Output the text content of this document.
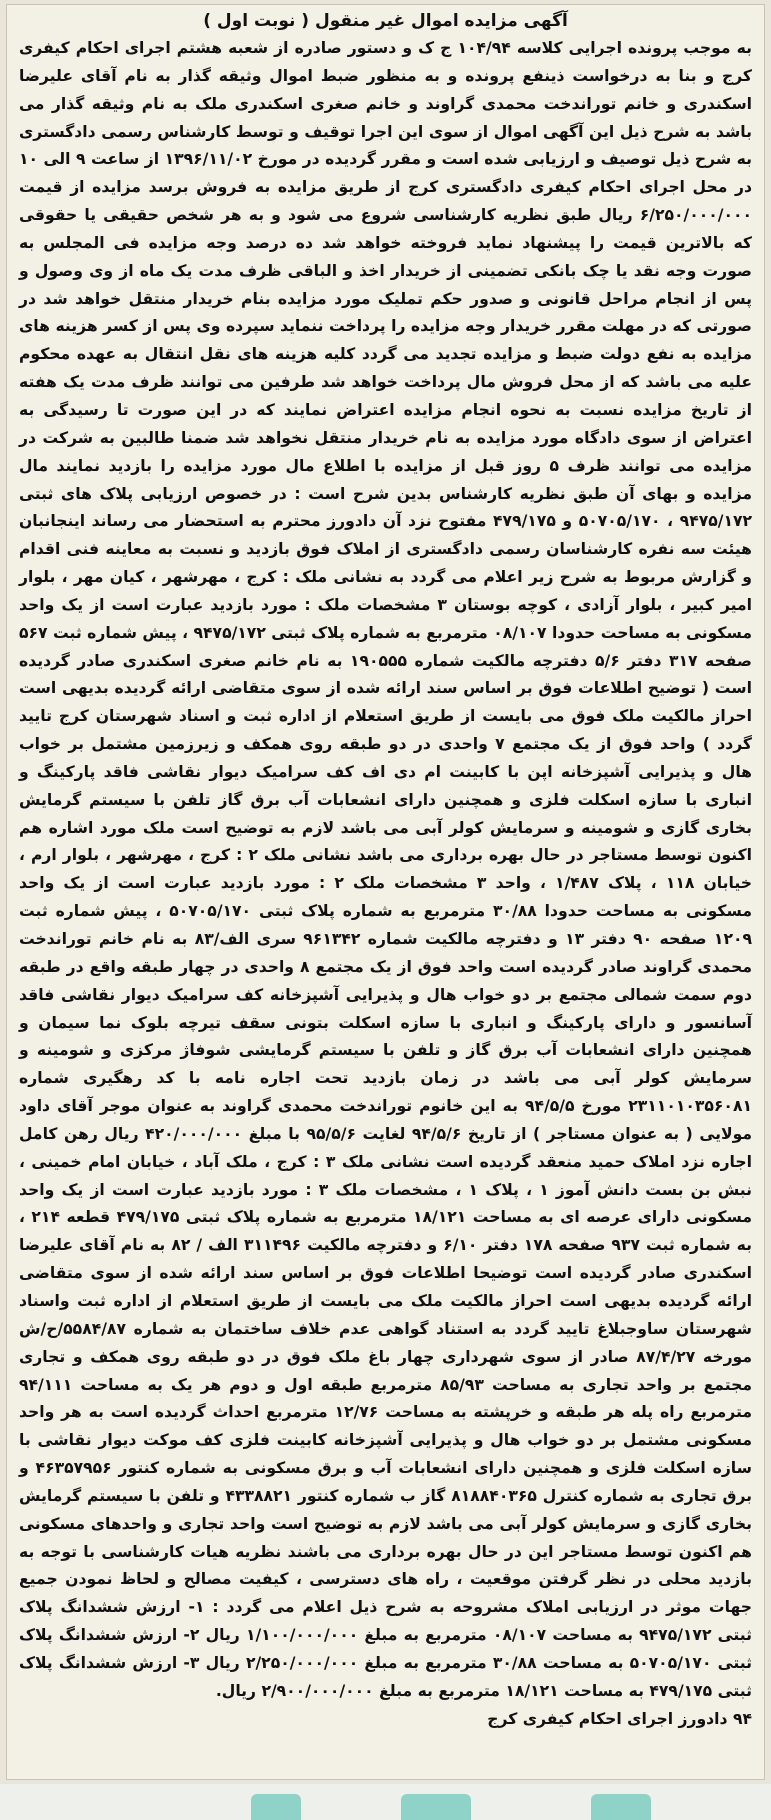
آگهی مزایده اموال غیر منقول ( نوبت اول )

به موجب پرونده اجرایی کلاسه ۱۰۴/۹۴ ج ک و دستور صادره از شعبه هشتم اجرای احکام کیفری کرج و بنا به درخواست ذینفع پرونده و به منظور ضبط اموال وثیقه گذار به نام آقای علیرضا اسکندری و خانم توراندخت محمدی گراوند و خانم صغری اسکندری ملک به نام وثیقه گذار می باشد به شرح ذیل این آگهی اموال از سوی این اجرا توقیف و توسط کارشناس رسمی دادگستری به شرح ذیل توصیف و ارزیابی شده است و مقرر گردیده در مورخ ۱۳۹۶/۱۱/۰۲ از ساعت ۹ الی ۱۰ در محل اجرای احکام کیفری دادگستری کرج از طریق مزایده به فروش برسد مزایده از قیمت ۶/۲۵۰/۰۰۰/۰۰۰ ریال طبق نظریه کارشناسی شروع می شود و به هر شخص حقیقی یا حقوقی که بالاترین قیمت را پیشنهاد نماید فروخته خواهد شد ده درصد وجه مزایده فی المجلس به صورت وجه نقد یا چک بانکی تضمینی از خریدار اخذ و الباقی ظرف مدت یک ماه از وی وصول و پس از انجام مراحل قانونی و صدور حکم تملیک مورد مزایده بنام خریدار منتقل خواهد شد در صورتی که در مهلت مقرر خریدار وجه مزایده را پرداخت ننماید سپرده وی پس از کسر هزینه های مزایده به نفع دولت ضبط و مزایده تجدید می گردد کلیه هزینه های نقل انتقال به عهده محکوم علیه می باشد که از محل فروش مال پرداخت خواهد شد طرفین می توانند ظرف مدت یک هفته از تاریخ مزایده نسبت به نحوه انجام مزایده اعتراض نمایند که در این صورت تا رسیدگی به اعتراض از سوی دادگاه مورد مزایده به نام خریدار منتقل نخواهد شد ضمنا طالبین به شرکت در مزایده می توانند ظرف ۵ روز قبل از مزایده با اطلاع مال مورد مزایده را بازدید نمایند مال مزایده و بهای آن طبق نظریه کارشناس بدین شرح است : در خصوص ارزیابی پلاک های ثبتی ۹۴۷۵/۱۷۲ ، ۵۰۷۰۵/۱۷۰ و ۴۷۹/۱۷۵ مفتوح نزد آن دادورز محترم به استحضار می رساند اینجانبان هیئت سه نفره کارشناسان رسمی دادگستری از املاک فوق بازدید و نسبت به معاینه فنی اقدام و گزارش مربوط به شرح زیر اعلام می گردد به نشانی ملک : کرج ، مهرشهر ، کیان مهر ، بلوار امیر کبیر ، بلوار آزادی ، کوچه بوستان ۳ مشخصات ملک : مورد بازدید عبارت است از یک واحد مسکونی به مساحت حدودا ۰۸/۱۰۷ مترمربع به شماره پلاک ثبتی ۹۴۷۵/۱۷۲ ، پیش شماره ثبت ۵۶۷ صفحه ۳۱۷ دفتر ۵/۶ دفترچه مالکیت شماره ۱۹۰۵۵۵ به نام خانم صغری اسکندری صادر گردیده است ( توضیح اطلاعات فوق بر اساس سند ارائه شده از سوی متقاضی ارائه گردیده بدیهی است احراز مالکیت ملک فوق می بایست از طریق استعلام از اداره ثبت و اسناد شهرستان کرج تایید گردد ) واحد فوق از یک مجتمع ۷ واحدی در دو طبقه روی همکف و زیرزمین مشتمل بر خواب هال و پذیرایی آشپزخانه اپن با کابینت ام دی اف کف سرامیک دیوار نقاشی فاقد پارکینگ و انباری با سازه اسکلت فلزی و همچنین دارای انشعابات آب برق گاز تلفن با سیستم گرمایش بخاری گازی و شومینه و سرمایش کولر آبی می باشد لازم به توضیح است ملک مورد اشاره هم اکنون توسط مستاجر در حال بهره برداری می باشد نشانی ملک ۲ : کرج ، مهرشهر ، بلوار ارم ، خیابان ۱۱۸ ، پلاک ۱/۴۸۷ ، واحد ۳ مشخصات ملک ۲ : مورد بازدید عبارت است از یک واحد مسکونی به مساحت حدودا ۳۰/۸۸ مترمربع به شماره پلاک ثبتی ۵۰۷۰۵/۱۷۰ ، پیش شماره ثبت ۱۲۰۹ صفحه ۹۰ دفتر ۱۳ و دفترچه مالکیت شماره ۹۶۱۳۴۲ سری الف/۸۳ به نام خانم توراندخت محمدی گراوند صادر گردیده است واحد فوق از یک مجتمع ۸ واحدی در چهار طبقه واقع در طبقه دوم سمت شمالی مجتمع بر دو خواب هال و پذیرایی آشپزخانه کف سرامیک دیوار نقاشی فاقد آسانسور و دارای پارکینگ و انباری با سازه اسکلت بتونی سقف تیرچه بلوک نما سیمان و همچنین دارای انشعابات آب برق گاز و تلفن با سیستم گرمایشی شوفاژ مرکزی و شومینه و سرمایش کولر آبی می باشد در زمان بازدید تحت اجاره نامه با کد رهگیری شماره ۲۳۱۱۰۱۰۳۵۶۰۸۱ مورخ ۹۴/۵/۵ به این خانوم توراندخت محمدی گراوند به عنوان موجر آقای داود مولایی ( به عنوان مستاجر ) از تاریخ ۹۴/۵/۶ لغایت ۹۵/۵/۶ با مبلغ ۴۲۰/۰۰۰/۰۰۰ ریال رهن کامل اجاره نزد املاک حمید منعقد گردیده است نشانی ملک ۳ : کرج ، ملک آباد ، خیابان امام خمینی ، نبش بن بست دانش آموز ۱ ، پلاک ۱ ، مشخصات ملک ۳ : مورد بازدید عبارت است از یک واحد مسکونی دارای عرصه ای به مساحت ۱۸/۱۲۱ مترمربع به شماره پلاک ثبتی ۴۷۹/۱۷۵ قطعه ۲۱۴ ، به شماره ثبت ۹۳۷ صفحه ۱۷۸ دفتر ۶/۱۰ و دفترچه مالکیت ۳۱۱۴۹۶ الف / ۸۲ به نام آقای علیرضا اسکندری صادر گردیده است توضیحا اطلاعات فوق بر اساس سند ارائه شده از سوی متقاضی ارائه گردیده بدیهی است احراز مالکیت ملک می بایست از طریق استعلام از اداره ثبت واسناد شهرستان ساوجبلاغ تایید گردد به استناد گواهی عدم خلاف ساختمان به شماره ۵۵۸۴/۸۷/ح/ش مورخه ۸۷/۴/۲۷ صادر از سوی شهرداری چهار باغ ملک فوق در دو طبقه روی همکف و تجاری مجتمع بر واحد تجاری به مساحت ۸۵/۹۳ مترمربع طبقه اول و دوم هر یک به مساحت ۹۴/۱۱۱ مترمربع راه پله هر طبقه و خرپشته به مساحت ۱۲/۷۶ مترمربع احداث گردیده است به هر واحد مسکونی مشتمل بر دو خواب هال و پذیرایی آشپزخانه کابینت فلزی کف موکت دیوار نقاشی با سازه اسکلت فلزی و همچنین دارای انشعابات آب و برق مسکونی به شماره کنتور ۴۶۳۵۷۹۵۶ و برق تجاری به شماره کنترل ۸۱۸۸۴۰۳۶۵ گاز ب شماره کنتور ۴۳۳۸۸۲۱ و تلفن با سیستم گرمایش بخاری گازی و سرمایش کولر آبی می باشد لازم به توضیح است واحد تجاری و واحدهای مسکونی هم اکنون توسط مستاجر این در حال بهره برداری می باشند نظریه هیات کارشناسی با توجه به بازدید محلی در نظر گرفتن موقعیت ، راه های دسترسی ، کیفیت مصالح و لحاظ نمودن جمیع جهات موثر در ارزیابی املاک مشروحه به شرح ذیل اعلام می گردد : ۱- ارزش ششدانگ پلاک ثبتی ۹۴۷۵/۱۷۲ به مساحت ۰۸/۱۰۷ مترمربع به مبلغ ۱/۱۰۰/۰۰۰/۰۰۰ ریال ۲- ارزش ششدانگ پلاک ثبتی ۵۰۷۰۵/۱۷۰ به مساحت ۳۰/۸۸ مترمربع به مبلغ ۲/۲۵۰/۰۰۰/۰۰۰ ریال ۳- ارزش ششدانگ پلاک ثبتی ۴۷۹/۱۷۵ به مساحت ۱۸/۱۲۱ مترمربع به مبلغ ۲/۹۰۰/۰۰۰/۰۰۰ ریال.

۹۴ دادورز اجرای احکام کیفری کرج
